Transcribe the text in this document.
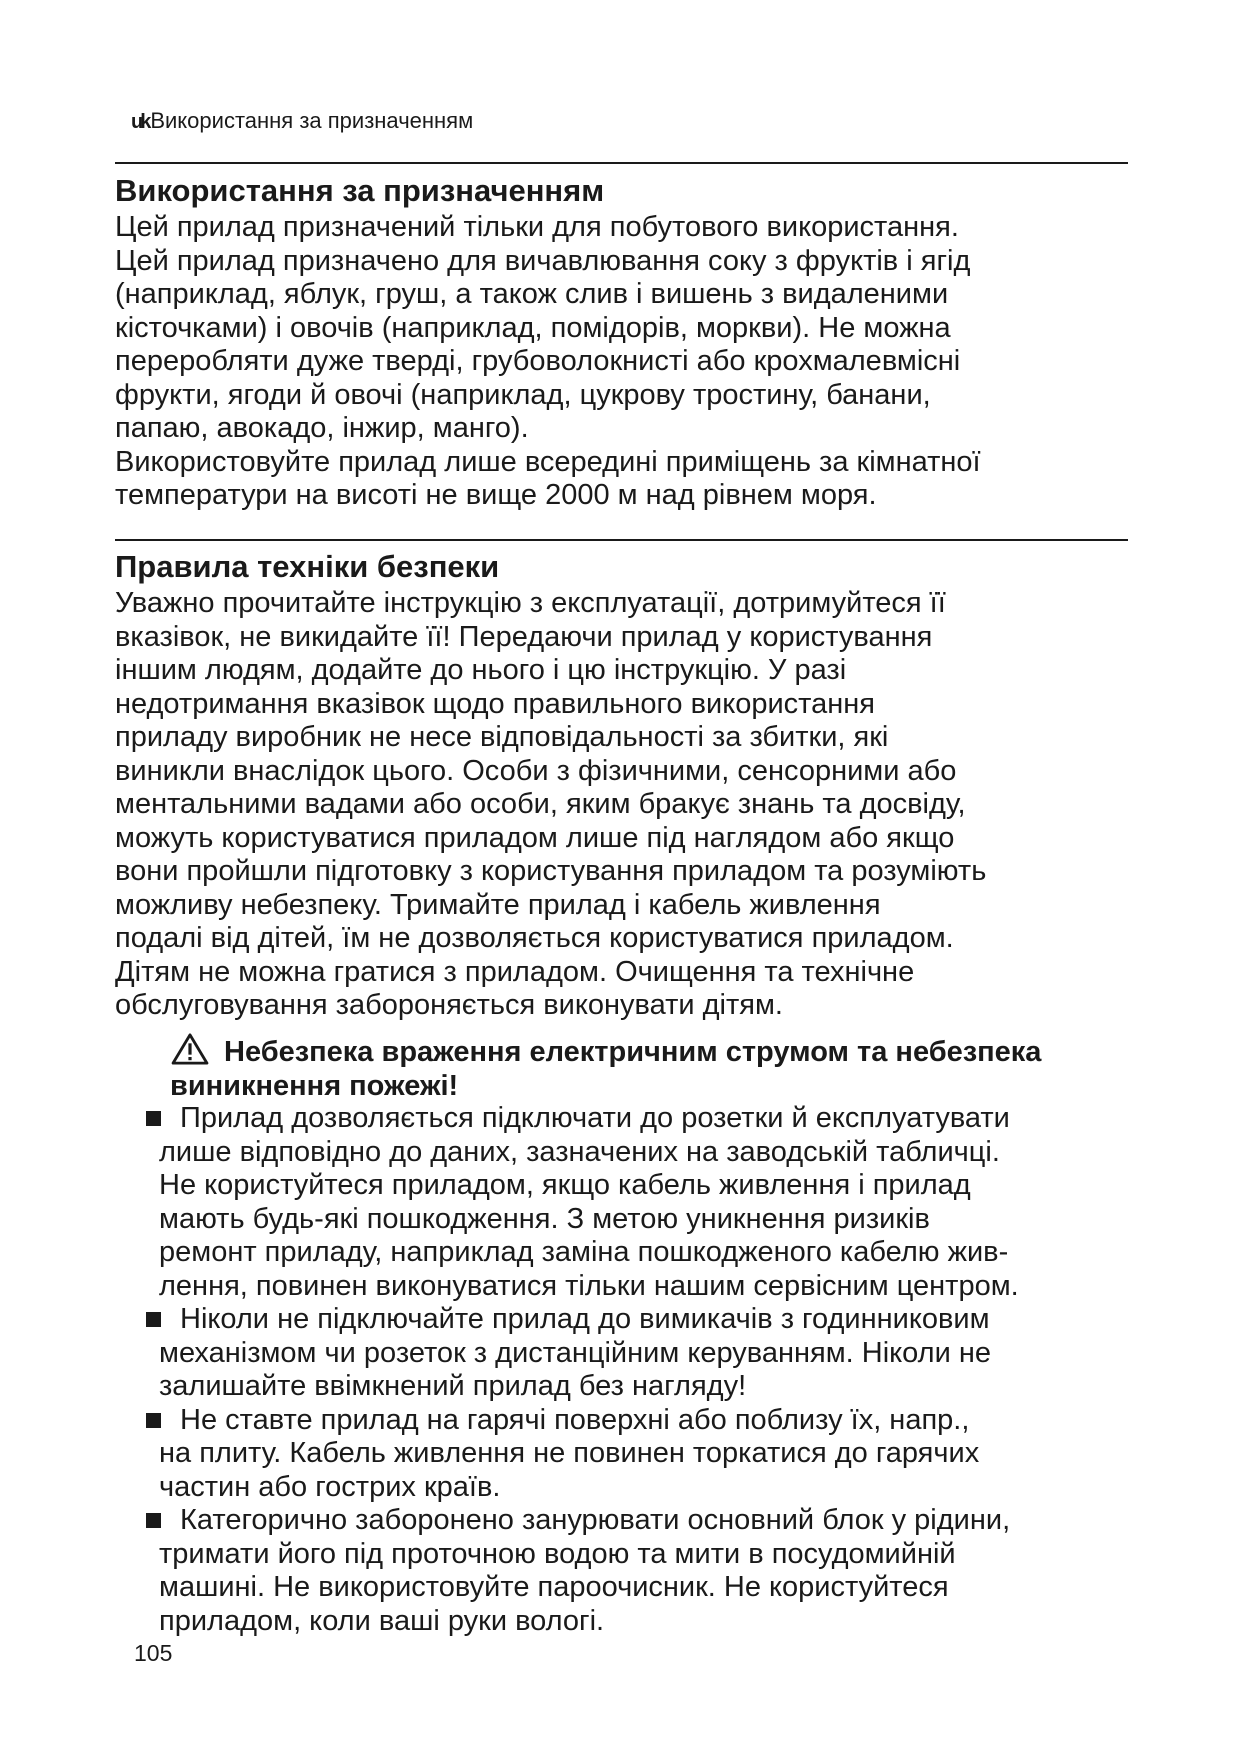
ukВикористання за призначенням
Використання за призначенням
Цей прилад призначений тільки для побутового використання.
Цей прилад призначено для вичавлювання соку з фруктів і ягід
(наприклад, яблук, груш, а також слив і вишень з видаленими
кісточками) і овочів (наприклад, помідорів, моркви). Не можна
переробляти дуже тверді, грубоволокнисті або крохмалевмісні
фрукти, ягоди й овочі (наприклад, цукрову тростину, банани,
папаю, авокадо, інжир, манго).
Використовуйте прилад лише всередині приміщень за кімнатної
температури на висоті не вище 2000 м над рівнем моря.
Правила техніки безпеки
Уважно прочитайте інструкцію з експлуатації, дотримуйтеся її
вказівок, не викидайте її! Передаючи прилад у користування
іншим людям, додайте до нього і цю інструкцію. У разі
недотримання вказівок щодо правильного використання
приладу виробник не несе відповідальності за збитки, які
виникли внаслідок цього. Особи з фізичними, сенсорними або
ментальними вадами або особи, яким бракує знань та досвіду,
можуть користуватися приладом лише під наглядом або якщо
вони пройшли підготовку з користування приладом та розуміють
можливу небезпеку. Тримайте прилад і кабель живлення
подалі від дітей, їм не дозволяється користуватися приладом.
Дітям не можна гратися з приладом. Очищення та технічне
обслуговування забороняється виконувати дітям.
Небезпека враження електричним струмом та небезпека
виникнення пожежі!
Прилад дозволяється підключати до розетки й експлуатувати
лише відповідно до даних, зазначених на заводській табличці.
Не користуйтеся приладом, якщо кабель живлення і прилад
мають будь-які пошкодження. З метою уникнення ризиків
ремонт приладу, наприклад заміна пошкодженого кабелю жив-
лення, повинен виконуватися тільки нашим сервісним центром.
Ніколи не підключайте прилад до вимикачів з годинниковим
механізмом чи розеток з дистанційним керуванням. Ніколи не
залишайте ввімкнений прилад без нагляду!
Не ставте прилад на гарячі поверхні або поблизу їх, напр.,
на плиту. Кабель живлення не повинен торкатися до гарячих
частин або гострих країв.
Категорично заборонено занурювати основний блок у рідини,
тримати його під проточною водою та мити в посудомийній
машині. Не використовуйте пароочисник. Не користуйтеся
приладом, коли ваші руки вологі.
105
